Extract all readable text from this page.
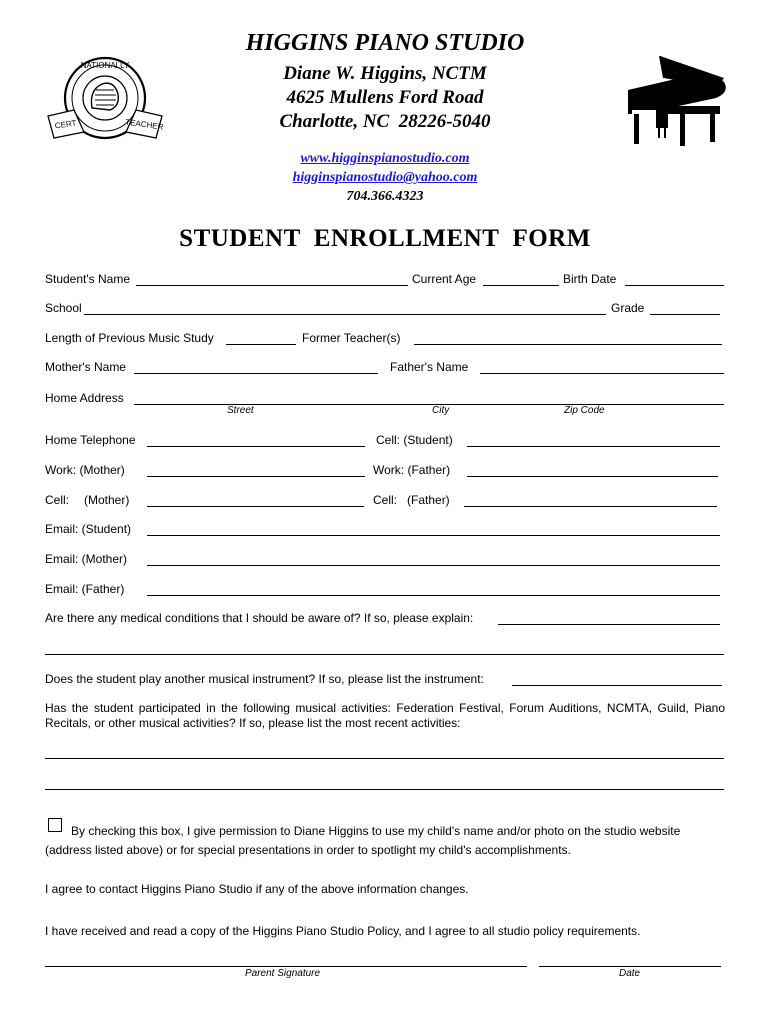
CERT	TEACHER
NATIONALLY
HIGGINS PIANO STUDIO
Diane W. Higgins, NCTM
4625 Mullens Ford Road
Charlotte, NC  28226-5040
www.higginspianostudio.com
higginspianostudio@yahoo.com
704.366.4323
STUDENT  ENROLLMENT  FORM
Student's Name	Current Age	Birth Date
School	Grade
Length of Previous Music Study	Former Teacher(s)
Mother's Name	Father's Name
Home Address
Street	City	Zip Code
Home Telephone	Cell: (Student)
Work: (Mother)	Work: (Father)
Cell: (Mother)	Cell:   (Father)
Email: (Student)
Email: (Mother)
Email: (Father)
Are there any medical conditions that I should be aware of? If so, please explain:
Does the student play another musical instrument? If so, please list the instrument:
Has the student participated in the following musical activities: Federation Festival, Forum Auditions, NCMTA, Guild, Piano Recitals, or other musical activities? If so, please list the most recent activities:
By checking this box, I give permission to Diane Higgins to use my child's name and/or photo on the studio website (address listed above) or for special presentations in order to spotlight my child's accomplishments.
I agree to contact Higgins Piano Studio if any of the above information changes.
I have received and read a copy of the Higgins Piano Studio Policy, and I agree to all studio policy requirements.
Parent Signature	Date
